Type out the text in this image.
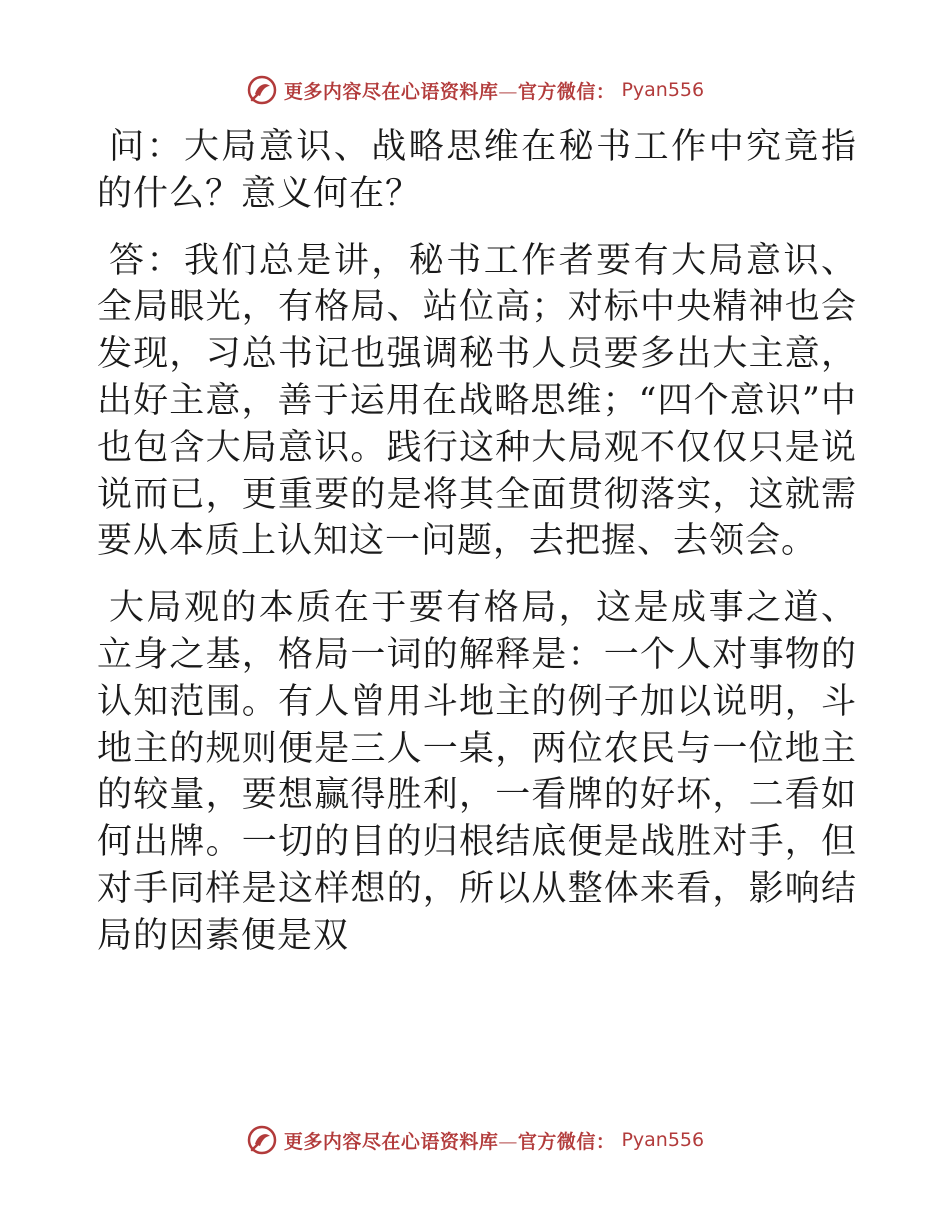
更多内容尽在心语资料库—官方微信： Pyan556

问：大局意识、战略思维在秘书工作中究竟指的什么？意义何在？

答：我们总是讲，秘书工作者要有大局意识、全局眼光，有格局、站位高；对标中央精神也会发现，习总书记也强调秘书人员要多出大主意，出好主意，善于运用在战略思维；“四个意识”中也包含大局意识。践行这种大局观不仅仅只是说说而已，更重要的是将其全面贯彻落实，这就需要从本质上认知这一问题，去把握、去领会。

大局观的本质在于要有格局，这是成事之道、立身之基，格局一词的解释是：一个人对事物的认知范围。有人曾用斗地主的例子加以说明，斗地主的规则便是三人一桌，两位农民与一位地主的较量，要想赢得胜利，一看牌的好坏，二看如何出牌。一切的目的归根结底便是战胜对手，但对手同样是这样想的，所以从整体来看，影响结局的因素便是双

更多内容尽在心语资料库—官方微信： Pyan556
